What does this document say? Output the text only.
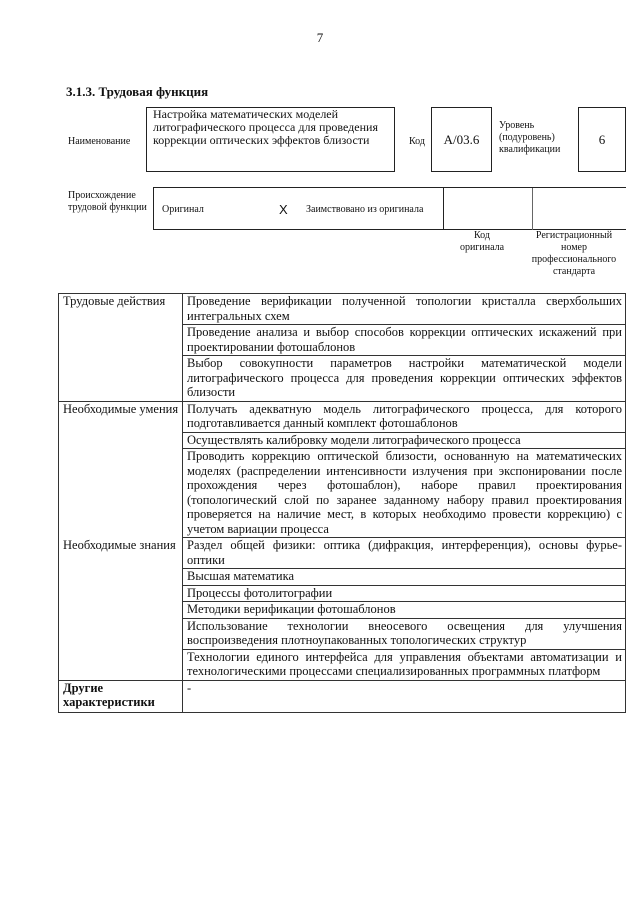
7
3.1.3. Трудовая функция
Наименование
Настройка математических моделей литографического процесса для проведения коррекции оптических эффектов близости	Код	A/03.6
Уровень (подуровень) квалификации
6
Происхождение трудовой функции Оригинал	X Заимствовано из оригинала
Код оригинала
Регистрационный номер профессионального стандарта
Трудовые действия	Проведение верификации полученной топологии кристалла сверхбольших интегральных схем
	Проведение анализа и выбор способов коррекции оптических искажений при проектировании фотошаблонов
	Выбор совокупности параметров настройки математической модели литографического процесса для проведения коррекции оптических эффектов близости
Необходимые умения	Получать адекватную модель литографического процесса, для которого подготавливается данный комплект фотошаблонов
	Осуществлять калибровку модели литографического процесса
	Проводить коррекцию оптической близости, основанную на математических моделях (распределении интенсивности излучения при экспонировании после прохождения через фотошаблон), наборе правил проектирования (топологический слой по заранее заданному набору правил проектирования проверяется на наличие мест, в которых необходимо провести коррекцию) с учетом вариации процесса
Необходимые знания	Раздел общей физики: оптика (дифракция, интерференция), основы фурье-оптики
	Высшая математика
	Процессы фотолитографии
	Методики верификации фотошаблонов
	Использование технологии внеосевого освещения для улучшения воспроизведения плотноупакованных топологических структур
	Технологии единого интерфейса для управления объектами автоматизации и технологическими процессами специализированных программных платформ
Другие характеристики	-
